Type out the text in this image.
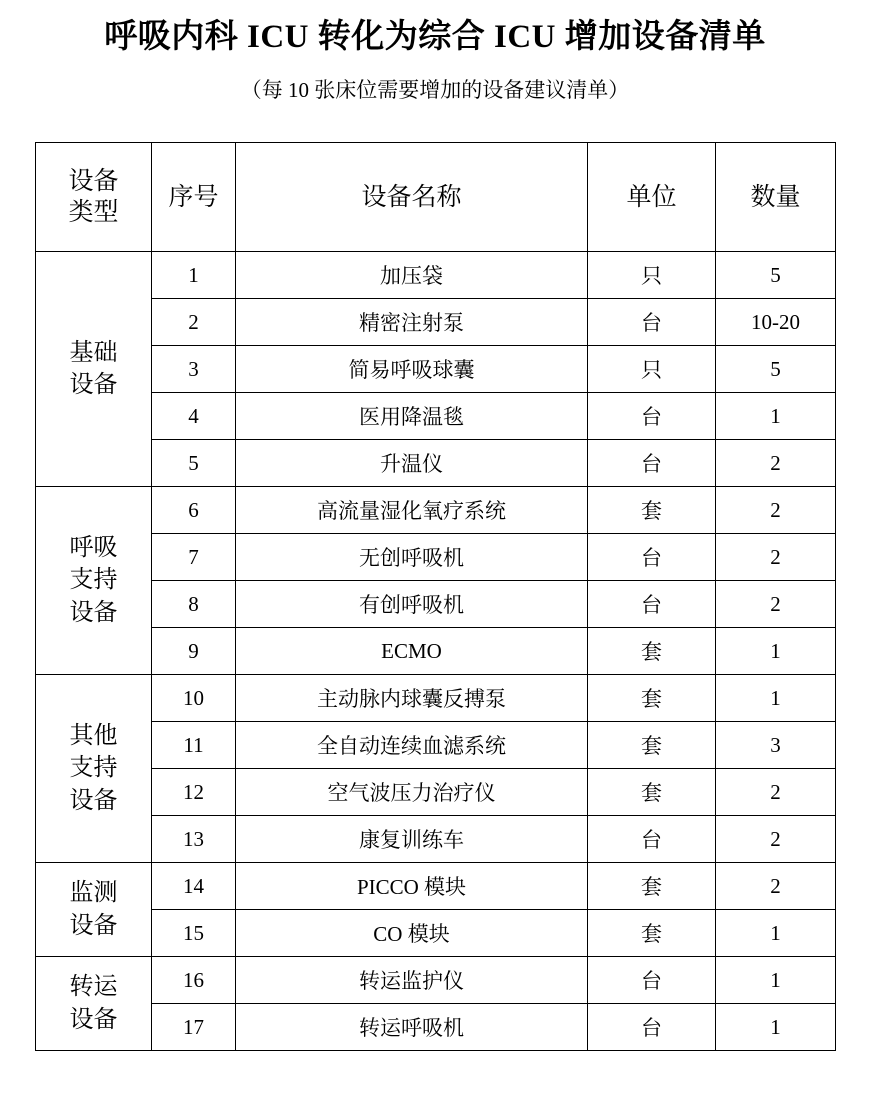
呼吸内科 ICU 转化为综合 ICU 增加设备清单
（每 10 张床位需要增加的设备建议清单）
设备
类型	序号	设备名称	单位	数量

基础
设备	1	加压袋	只	5
	2	精密注射泵	台	10-20
	3	简易呼吸球囊	只	5
	4	医用降温毯	台	1
	5	升温仪	台	2

呼吸
支持
设备	6	高流量湿化氧疗系统	套	2
	7	无创呼吸机	台	2
	8	有创呼吸机	台	2
	9	ECMO	套	1

其他
支持
设备	10	主动脉内球囊反搏泵	套	1
	11	全自动连续血滤系统	套	3
	12	空气波压力治疗仪	套	2
	13	康复训练车	台	2

监测
设备	14	PICCO 模块	套	2
	15	CO 模块	套	1

转运
设备	16	转运监护仪	台	1
	17	转运呼吸机	台	1
